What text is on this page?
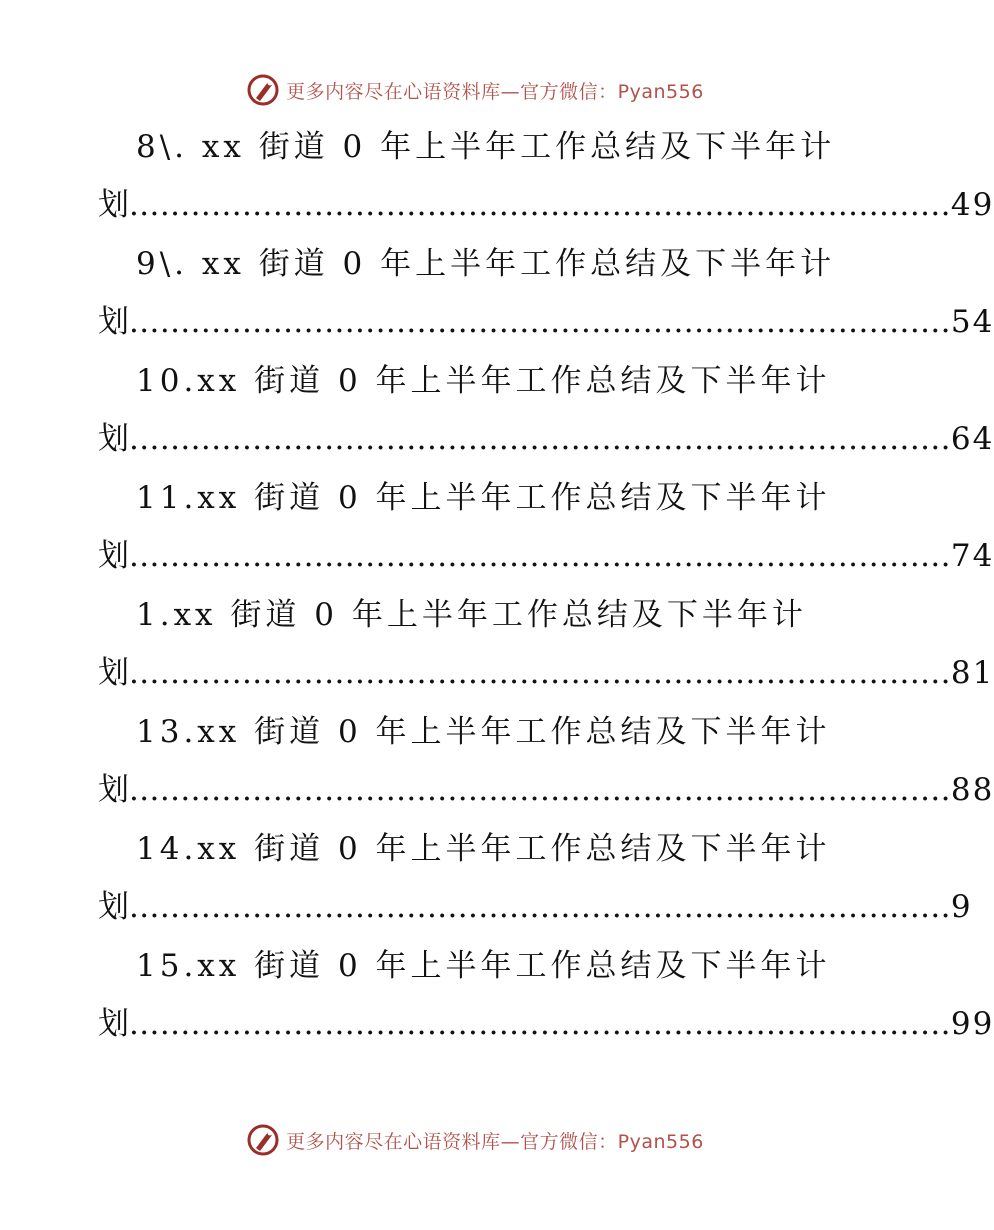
更多内容尽在心语资料库—官方微信：Pyan556
8\. xx 街道 0 年上半年工作总结及下半年计
划 ................................................................................ 49
9\. xx 街道 0 年上半年工作总结及下半年计
划 ................................................................................ 54
10.xx 街道 0 年上半年工作总结及下半年计
划 ................................................................................ 64
11.xx 街道 0 年上半年工作总结及下半年计
划 ................................................................................ 74
1.xx 街道 0 年上半年工作总结及下半年计
划 ................................................................................ 81
13.xx 街道 0 年上半年工作总结及下半年计
划 ................................................................................ 88
14.xx 街道 0 年上半年工作总结及下半年计
划 ................................................................................ 9
15.xx 街道 0 年上半年工作总结及下半年计
划 ................................................................................ 99
更多内容尽在心语资料库—官方微信：Pyan556
